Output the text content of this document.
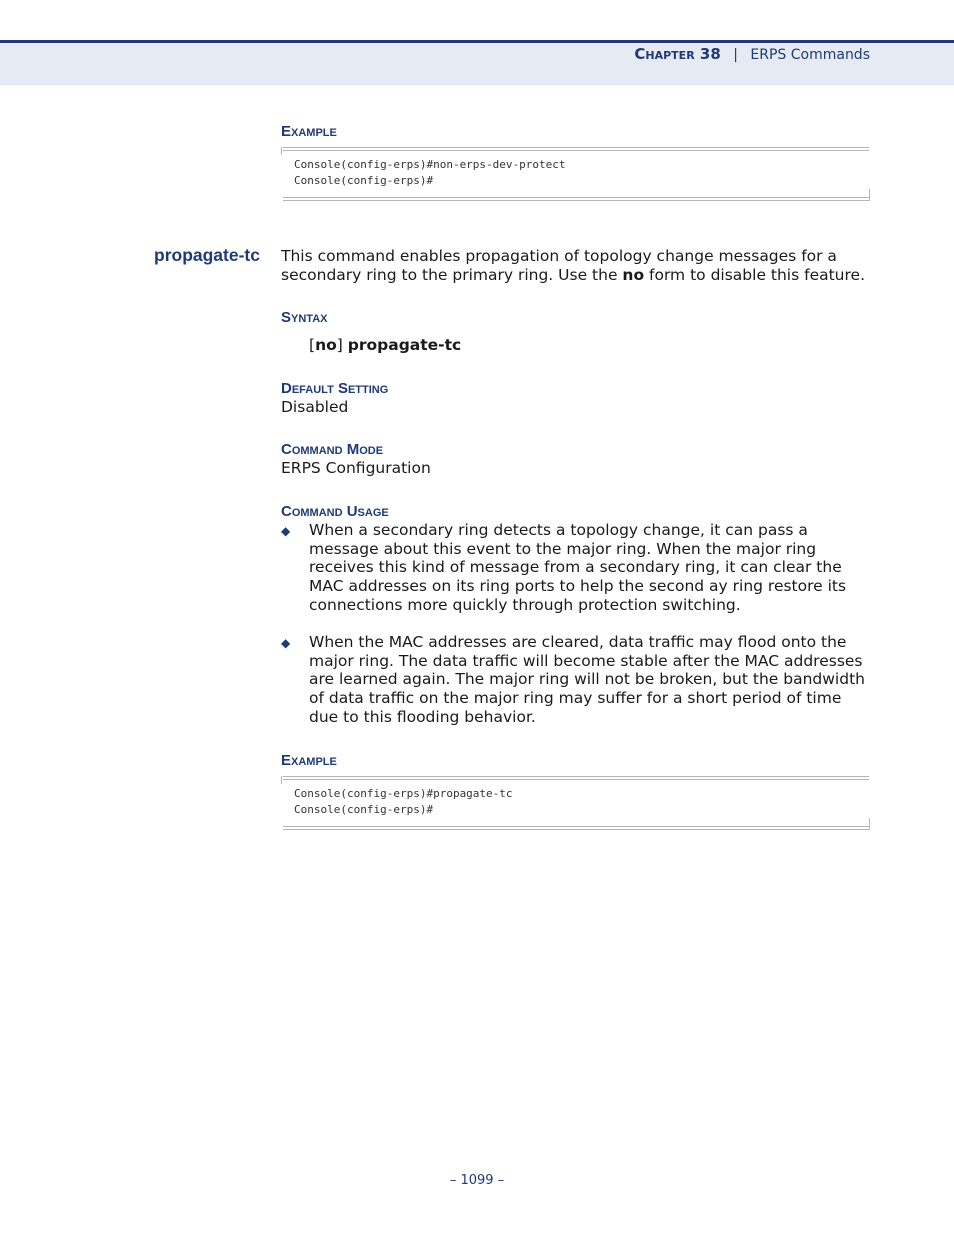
Chapter 38 | ERPS Commands
Example
Console(config-erps)#non-erps-dev-protect
Console(config-erps)#
propagate-tc This command enables propagation of topology change messages for a secondary ring to the primary ring. Use the no form to disable this feature.
Syntax
[no] propagate-tc
Default Setting
Disabled
Command Mode
ERPS Configuration
Command Usage
◆ When a secondary ring detects a topology change, it can pass a message about this event to the major ring. When the major ring receives this kind of message from a secondary ring, it can clear the MAC addresses on its ring ports to help the second ay ring restore its connections more quickly through protection switching.
◆ When the MAC addresses are cleared, data traffic may flood onto the major ring. The data traffic will become stable after the MAC addresses are learned again. The major ring will not be broken, but the bandwidth of data traffic on the major ring may suffer for a short period of time due to this flooding behavior.
Example
Console(config-erps)#propagate-tc
Console(config-erps)#
– 1099 –
